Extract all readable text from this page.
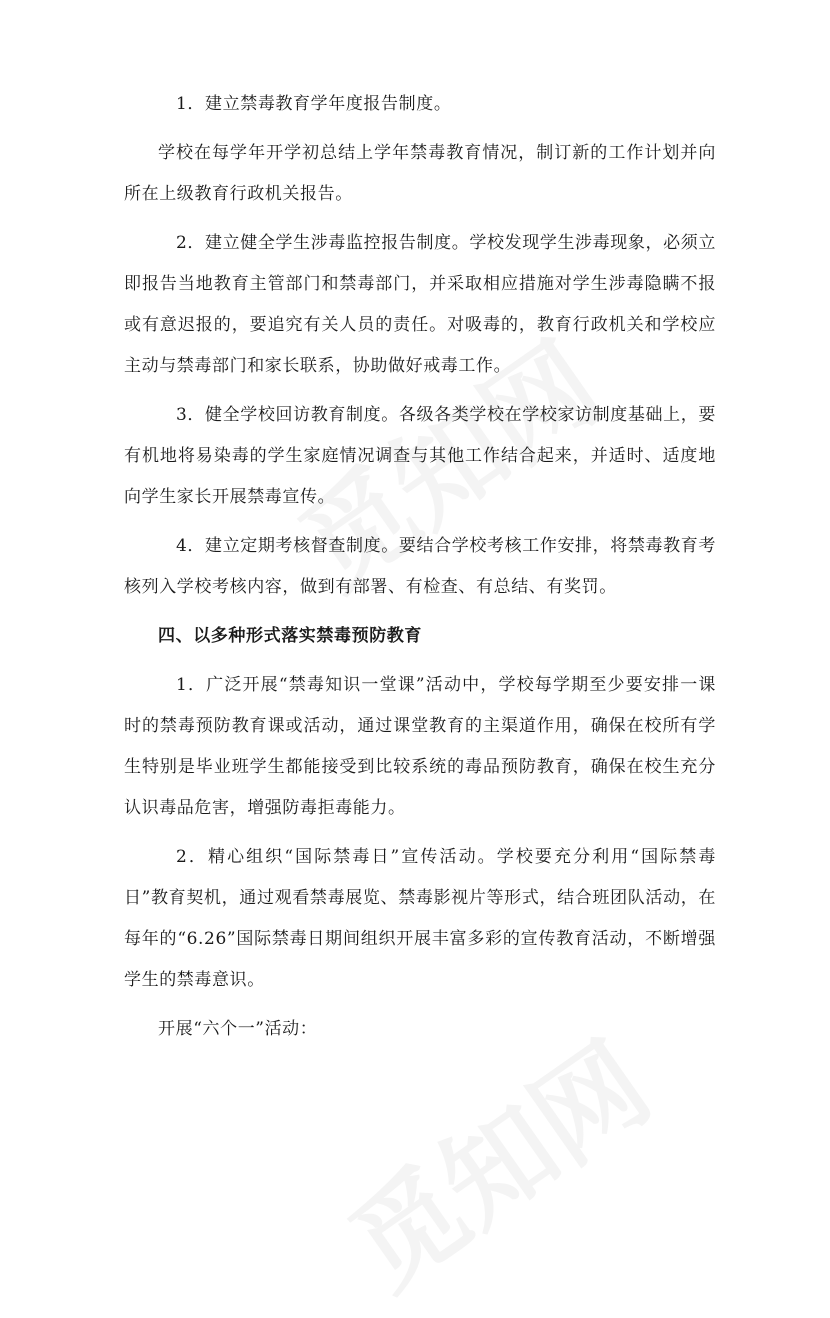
1．建立禁毒教育学年度报告制度。

学校在每学年开学初总结上学年禁毒教育情况，制订新的工作计划并向所在上级教育行政机关报告。

2．建立健全学生涉毒监控报告制度。学校发现学生涉毒现象，必须立即报告当地教育主管部门和禁毒部门，并采取相应措施对学生涉毒隐瞒不报或有意迟报的，要追究有关人员的责任。对吸毒的，教育行政机关和学校应主动与禁毒部门和家长联系，协助做好戒毒工作。

3．健全学校回访教育制度。各级各类学校在学校家访制度基础上，要有机地将易染毒的学生家庭情况调查与其他工作结合起来，并适时、适度地向学生家长开展禁毒宣传。

4．建立定期考核督查制度。要结合学校考核工作安排，将禁毒教育考核列入学校考核内容，做到有部署、有检查、有总结、有奖罚。

四、以多种形式落实禁毒预防教育

1．广泛开展“禁毒知识一堂课”活动中，学校每学期至少要安排一课时的禁毒预防教育课或活动，通过课堂教育的主渠道作用，确保在校所有学生特别是毕业班学生都能接受到比较系统的毒品预防教育，确保在校生充分认识毒品危害，增强防毒拒毒能力。

2．精心组织“国际禁毒日”宣传活动。学校要充分利用“国际禁毒日”教育契机，通过观看禁毒展览、禁毒影视片等形式，结合班团队活动，在每年的“6.26”国际禁毒日期间组织开展丰富多彩的宣传教育活动，不断增强学生的禁毒意识。

开展“六个一”活动：
